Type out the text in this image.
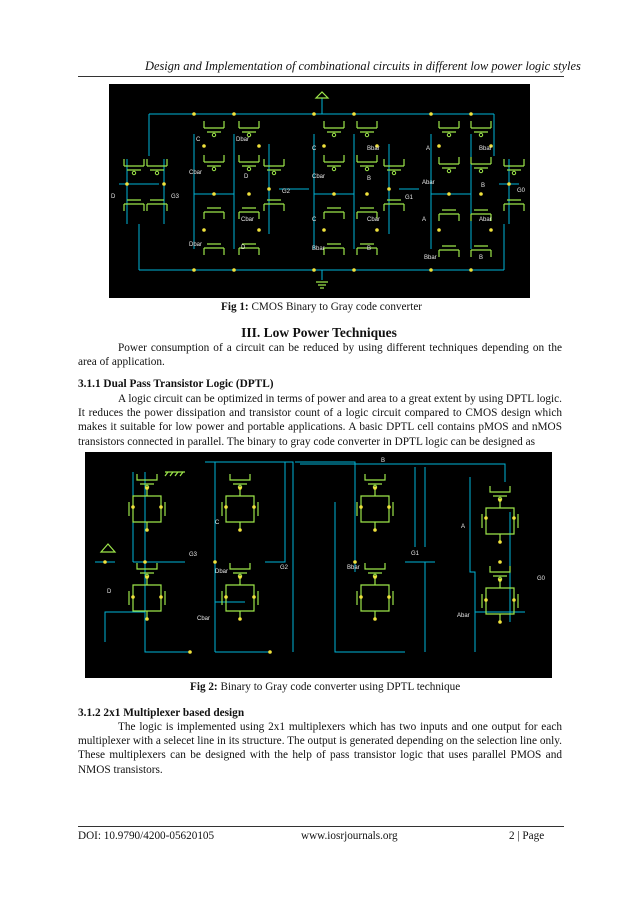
Design and Implementation of combinational circuits in different low power logic styles
C	Dbar
Cbar
D
Cbar
Dbar	D
D	G3
G2
C	Bbar
Cbar	B
G1
C	Cbar
Bbar	B
A	Bbar
Abar	B
G0
A	Abar
Bbar	B
Fig 1: CMOS Binary to Gray code converter
III. Low Power Techniques
Power consumption of a circuit can be reduced by using different techniques depending on the area of application.
3.1.1 Dual Pass Transistor Logic (DPTL)
A logic circuit can be optimized in terms of power and area to a great extent by using DPTL logic. It reduces the power dissipation and transistor count of a logic circuit compared to CMOS design which makes it suitable for low power and portable applications. A basic DPTL cell contains pMOS and nMOS transistors connected in parallel. The binary to gray code converter in DPTL logic can be designed as
G3
D
C
Dbar
Cbar
G2
B
G1
Bbar
A
Abar
G0
Fig 2: Binary to Gray code converter using DPTL technique
3.1.2 2x1 Multiplexer based design
The logic is implemented using 2x1 multiplexers which has two inputs and one output for each multiplexer with a selecet line in its structure. The output is generated depending on the selection line only. These multiplexers can be designed with the help of pass transistor logic that uses parallel PMOS and NMOS transistors.
DOI: 10.9790/4200-05620105	www.iosrjournals.org	2 | Page
